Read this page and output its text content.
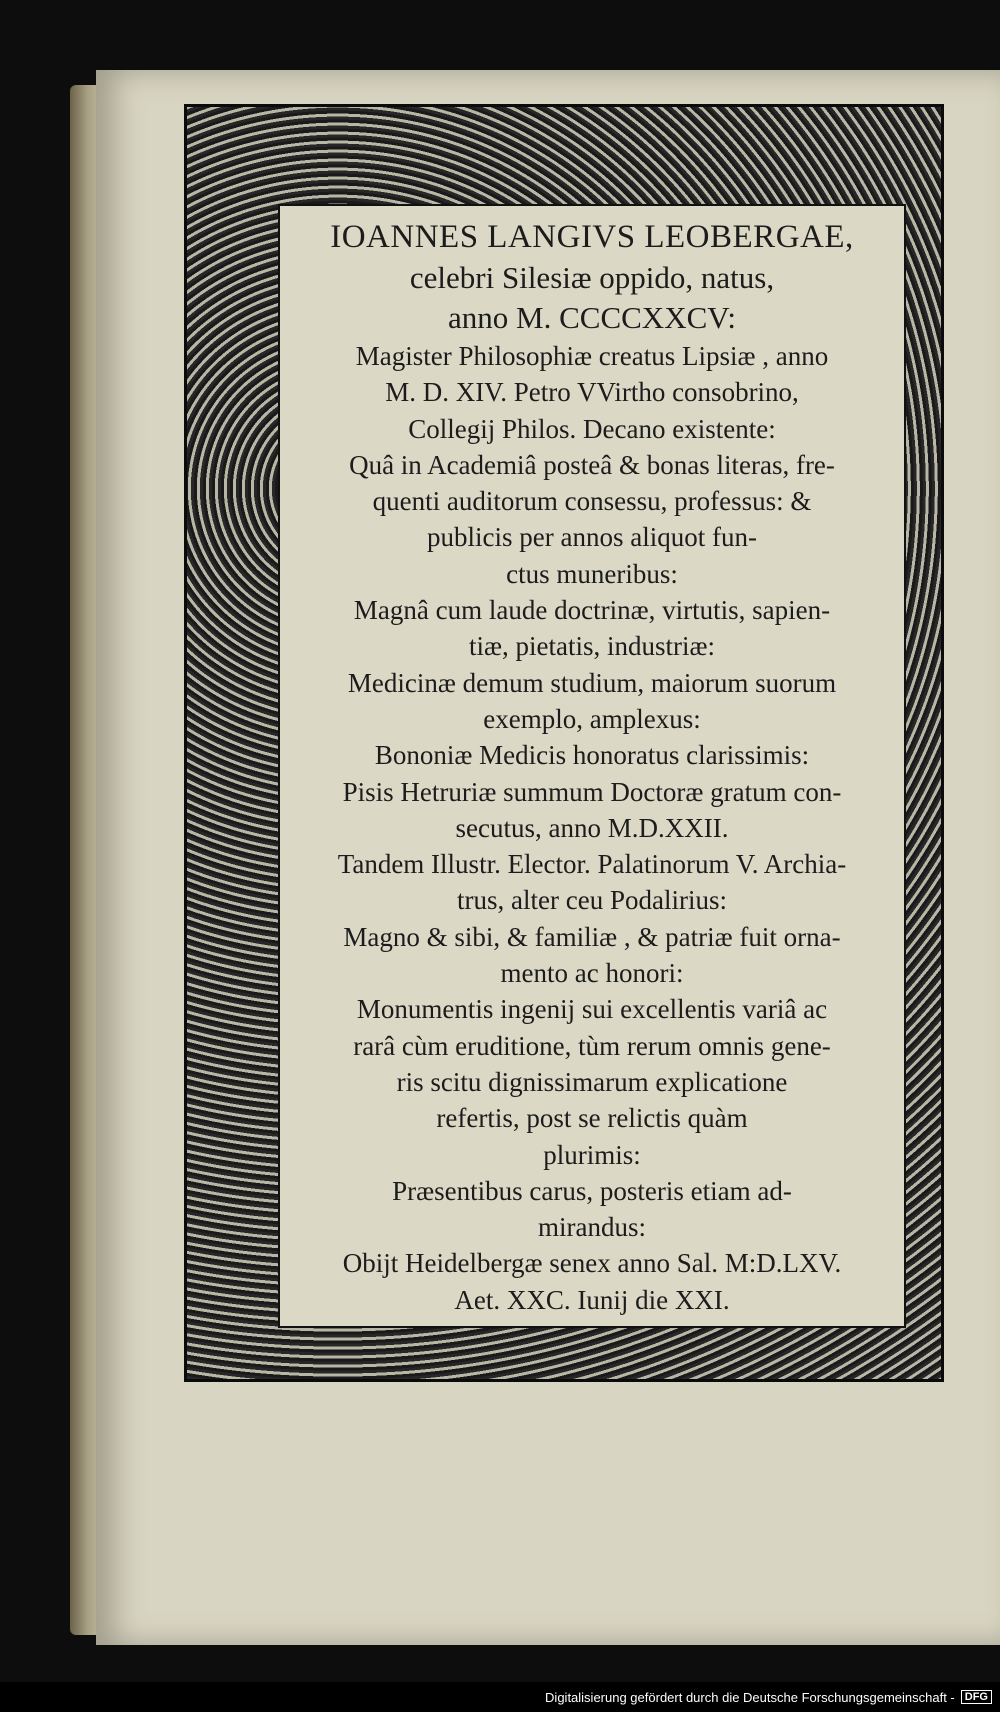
IOANNES LANGIVS LEOBERGAE,
celebri Silesiæ oppido, natus,
anno M. CCCCXXCV:
Magister Philosophiæ creatus Lipsiæ , anno
M. D. XIV. Petro VVirtho consobrino,
Collegij Philos. Decano existente:
Quâ in Academiâ posteâ & bonas literas, fre-
quenti auditorum consessu, professus: &
publicis per annos aliquot fun-
ctus muneribus:
Magnâ cum laude doctrinæ, virtutis, sapien-
tiæ, pietatis, industriæ:
Medicinæ demum studium, maiorum suorum
exemplo, amplexus:
Bononiæ Medicis honoratus clarissimis:
Pisis Hetruriæ summum Doctoræ gratum con-
secutus, anno M.D.XXII.
Tandem Illustr. Elector. Palatinorum V. Archia-
trus, alter ceu Podalirius:
Magno & sibi, & familiæ , & patriæ fuit orna-
mento ac honori:
Monumentis ingenij sui excellentis variâ ac
rarâ cùm eruditione, tùm rerum omnis gene-
ris scitu dignissimarum explicatione
refertis, post se relictis quàm
plurimis:
Præsentibus carus, posteris etiam ad-
mirandus:
Obijt Heidelbergæ senex anno Sal. M:D.LXV.
Aet. XXC. Iunij die XXI.
Digitalisierung gefördert durch die Deutsche Forschungsgemeinschaft - DFG
